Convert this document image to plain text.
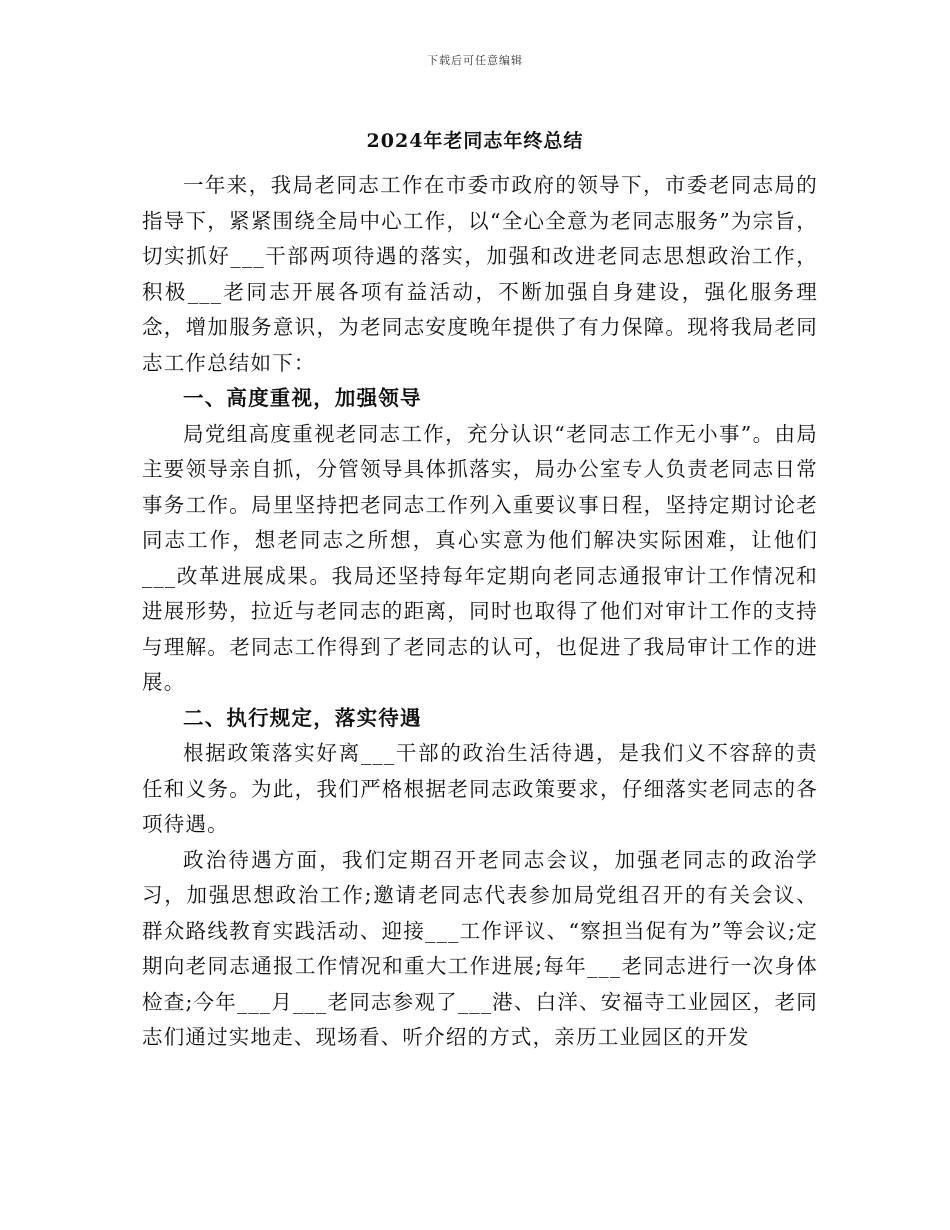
下载后可任意编辑
2024年老同志年终总结

一年来，我局老同志工作在市委市政府的领导下，市委老同志局的指导下，紧紧围绕全局中心工作，以“全心全意为老同志服务”为宗旨，切实抓好___干部两项待遇的落实，加强和改进老同志思想政治工作，积极___老同志开展各项有益活动，不断加强自身建设，强化服务理念，增加服务意识，为老同志安度晚年提供了有力保障。现将我局老同志工作总结如下：

一、高度重视，加强领导

局党组高度重视老同志工作，充分认识“老同志工作无小事”。由局主要领导亲自抓，分管领导具体抓落实，局办公室专人负责老同志日常事务工作。局里坚持把老同志工作列入重要议事日程，坚持定期讨论老同志工作，想老同志之所想，真心实意为他们解决实际困难，让他们___改革进展成果。我局还坚持每年定期向老同志通报审计工作情况和进展形势，拉近与老同志的距离，同时也取得了他们对审计工作的支持与理解。老同志工作得到了老同志的认可，也促进了我局审计工作的进展。

二、执行规定，落实待遇

根据政策落实好离___干部的政治生活待遇，是我们义不容辞的责任和义务。为此，我们严格根据老同志政策要求，仔细落实老同志的各项待遇。

政治待遇方面，我们定期召开老同志会议，加强老同志的政治学习，加强思想政治工作;邀请老同志代表参加局党组召开的有关会议、群众路线教育实践活动、迎接___工作评议、“察担当促有为”等会议;定期向老同志通报工作情况和重大工作进展;每年___老同志进行一次身体检查;今年___月___老同志参观了___港、白洋、安福寺工业园区，老同志们通过实地走、现场看、听介绍的方式，亲历工业园区的开发
